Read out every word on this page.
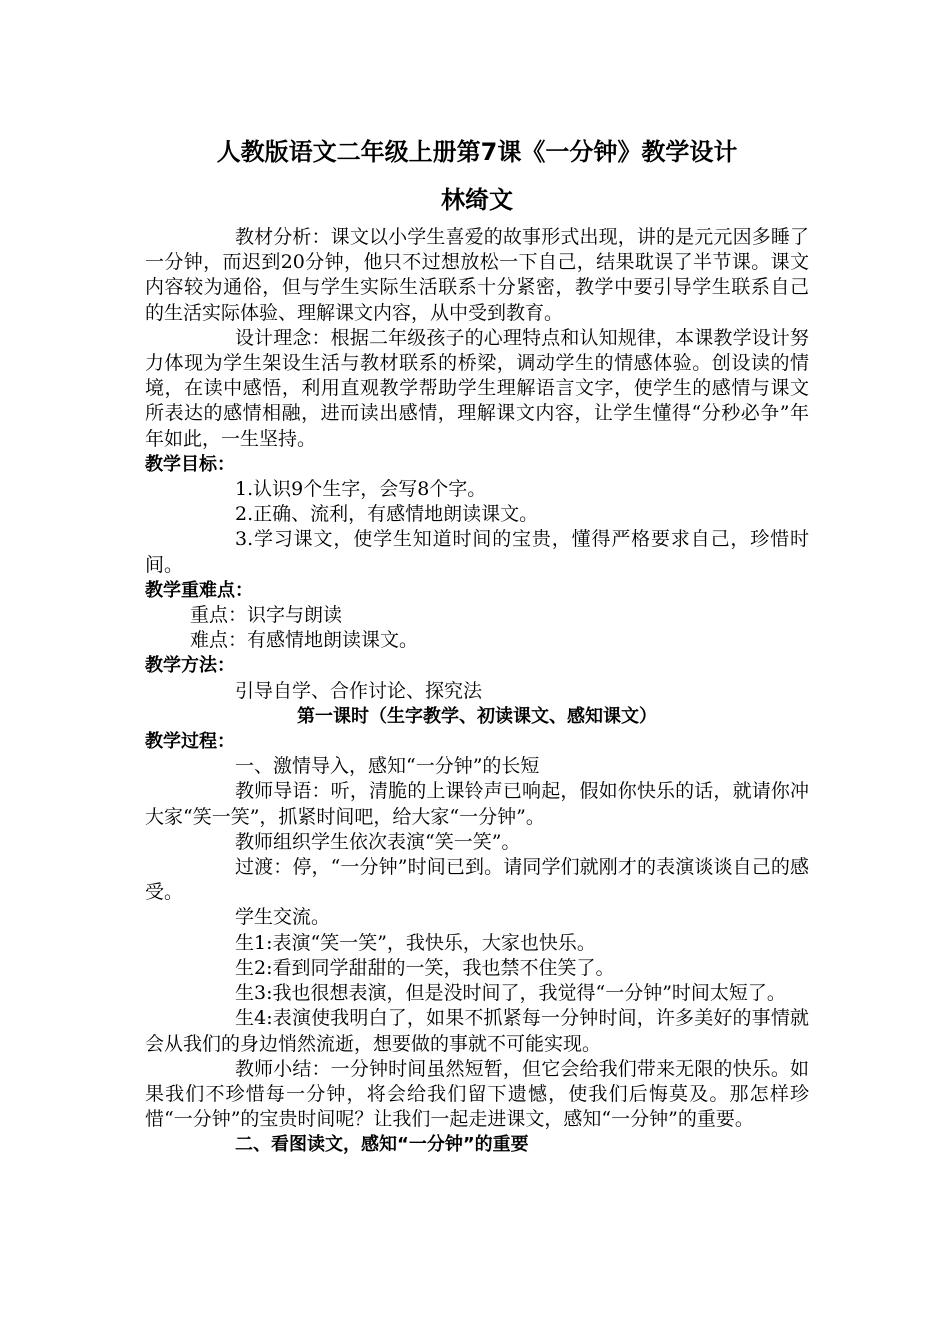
人教版语文二年级上册第7课《一分钟》教学设计
林绮文

教材分析：课文以小学生喜爱的故事形式出现，讲的是元元因多睡了一分钟，而迟到20分钟，他只不过想放松一下自己，结果耽误了半节课。课文内容较为通俗，但与学生实际生活联系十分紧密，教学中要引导学生联系自己的生活实际体验、理解课文内容，从中受到教育。

设计理念：根据二年级孩子的心理特点和认知规律，本课教学设计努力体现为学生架设生活与教材联系的桥梁，调动学生的情感体验。创设读的情境，在读中感悟，利用直观教学帮助学生理解语言文字，使学生的感情与课文所表达的感情相融，进而读出感情，理解课文内容，让学生懂得“分秒必争”年年如此，一生坚持。

教学目标：

1.认识9个生字，会写8个字。

2.正确、流利，有感情地朗读课文。

3.学习课文，使学生知道时间的宝贵，懂得严格要求自己，珍惜时间。

教学重难点：

重点：识字与朗读

难点：有感情地朗读课文。

教学方法：

引导自学、合作讨论、探究法

第一课时（生字教学、初读课文、感知课文）

教学过程：

一、激情导入，感知“一分钟”的长短

教师导语：听，清脆的上课铃声已响起，假如你快乐的话，就请你冲大家“笑一笑”，抓紧时间吧，给大家“一分钟”。

教师组织学生依次表演“笑一笑”。

过渡：停，“一分钟”时间已到。请同学们就刚才的表演谈谈自己的感受。

学生交流。

生1:表演“笑一笑”，我快乐，大家也快乐。

生2:看到同学甜甜的一笑，我也禁不住笑了。

生3:我也很想表演，但是没时间了，我觉得“一分钟”时间太短了。

生4:表演使我明白了，如果不抓紧每一分钟时间，许多美好的事情就会从我们的身边悄然流逝，想要做的事就不可能实现。

教师小结：一分钟时间虽然短暂，但它会给我们带来无限的快乐。如果我们不珍惜每一分钟，将会给我们留下遗憾，使我们后悔莫及。那怎样珍惜“一分钟”的宝贵时间呢？让我们一起走进课文，感知“一分钟”的重要。

二、看图读文，感知“一分钟”的重要
